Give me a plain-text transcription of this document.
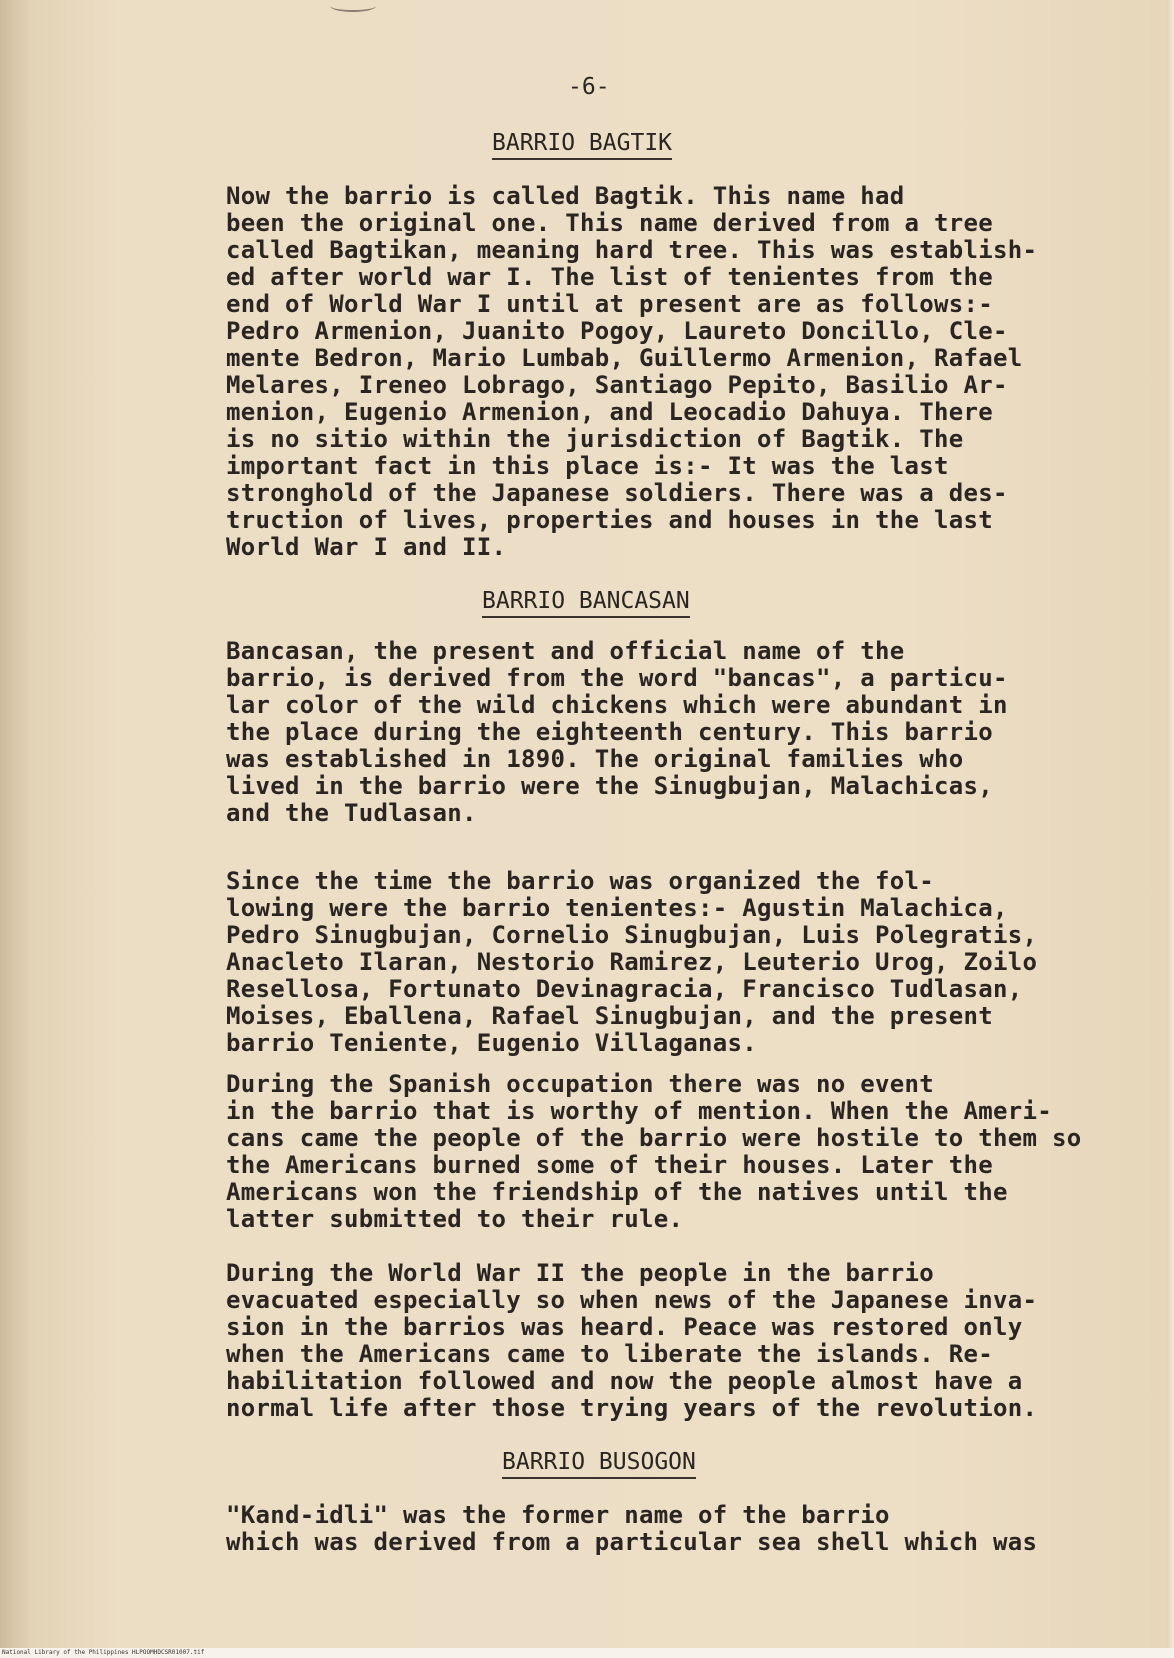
-6-
BARRIO BAGTIK
Now the barrio is called Bagtik. This name had
been the original one. This name derived from a tree
called Bagtikan, meaning hard tree. This was establish-
ed after world war I. The list of tenientes from the
end of World War I until at present are as follows:-
Pedro Armenion, Juanito Pogoy, Laureto Doncillo, Cle-
mente Bedron, Mario Lumbab, Guillermo Armenion, Rafael
Melares, Ireneo Lobrago, Santiago Pepito, Basilio Ar-
menion, Eugenio Armenion, and Leocadio Dahuya. There
is no sitio within the jurisdiction of Bagtik. The
important fact in this place is:- It was the last
stronghold of the Japanese soldiers. There was a des-
truction of lives, properties and houses in the last
World War I and II.
BARRIO BANCASAN
Bancasan, the present and official name of the
barrio, is derived from the word "bancas", a particu-
lar color of the wild chickens which were abundant in
the place during the eighteenth century. This barrio
was established in 1890. The original families who
lived in the barrio were the Sinugbujan, Malachicas,
and the Tudlasan.
Since the time the barrio was organized the fol-
lowing were the barrio tenientes:- Agustin Malachica,
Pedro Sinugbujan, Cornelio Sinugbujan, Luis Polegratis,
Anacleto Ilaran, Nestorio Ramirez, Leuterio Urog, Zoilo
Resellosa, Fortunato Devinagracia, Francisco Tudlasan,
Moises, Eballena, Rafael Sinugbujan, and the present
barrio Teniente, Eugenio Villaganas.
During the Spanish occupation there was no event
in the barrio that is worthy of mention. When the Ameri-
cans came the people of the barrio were hostile to them so
the Americans burned some of their houses. Later the
Americans won the friendship of the natives until the
latter submitted to their rule.
During the World War II the people in the barrio
evacuated especially so when news of the Japanese inva-
sion in the barrios was heard. Peace was restored only
when the Americans came to liberate the islands. Re-
habilitation followed and now the people almost have a
normal life after those trying years of the revolution.
BARRIO BUSOGON
"Kand-idli" was the former name of the barrio
which was derived from a particular sea shell which was
National Library of the Philippines HLPOOMHDCSR01007.tif
